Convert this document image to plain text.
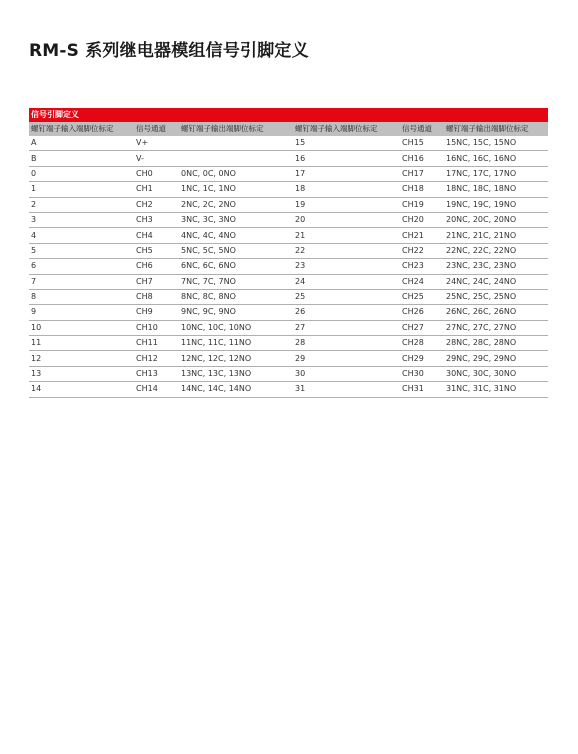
RM-S 系列继电器模组信号引脚定义
信号引脚定义
螺钉端子输入端脚位标定	信号通道	螺钉端子输出端脚位标定	螺钉端子输入端脚位标定	信号通道	螺钉端子输出端脚位标定
A	V+		15	CH15	15NC, 15C, 15NO
B	V-		16	CH16	16NC, 16C, 16NO
0	CH0	0NC, 0C, 0NO	17	CH17	17NC, 17C, 17NO
1	CH1	1NC, 1C, 1NO	18	CH18	18NC, 18C, 18NO
2	CH2	2NC, 2C, 2NO	19	CH19	19NC, 19C, 19NO
3	CH3	3NC, 3C, 3NO	20	CH20	20NC, 20C, 20NO
4	CH4	4NC, 4C, 4NO	21	CH21	21NC, 21C, 21NO
5	CH5	5NC, 5C, 5NO	22	CH22	22NC, 22C, 22NO
6	CH6	6NC, 6C, 6NO	23	CH23	23NC, 23C, 23NO
7	CH7	7NC, 7C, 7NO	24	CH24	24NC, 24C, 24NO
8	CH8	8NC, 8C, 8NO	25	CH25	25NC, 25C, 25NO
9	CH9	9NC, 9C, 9NO	26	CH26	26NC, 26C, 26NO
10	CH10	10NC, 10C, 10NO	27	CH27	27NC, 27C, 27NO
11	CH11	11NC, 11C, 11NO	28	CH28	28NC, 28C, 28NO
12	CH12	12NC, 12C, 12NO	29	CH29	29NC, 29C, 29NO
13	CH13	13NC, 13C, 13NO	30	CH30	30NC, 30C, 30NO
14	CH14	14NC, 14C, 14NO	31	CH31	31NC, 31C, 31NO
